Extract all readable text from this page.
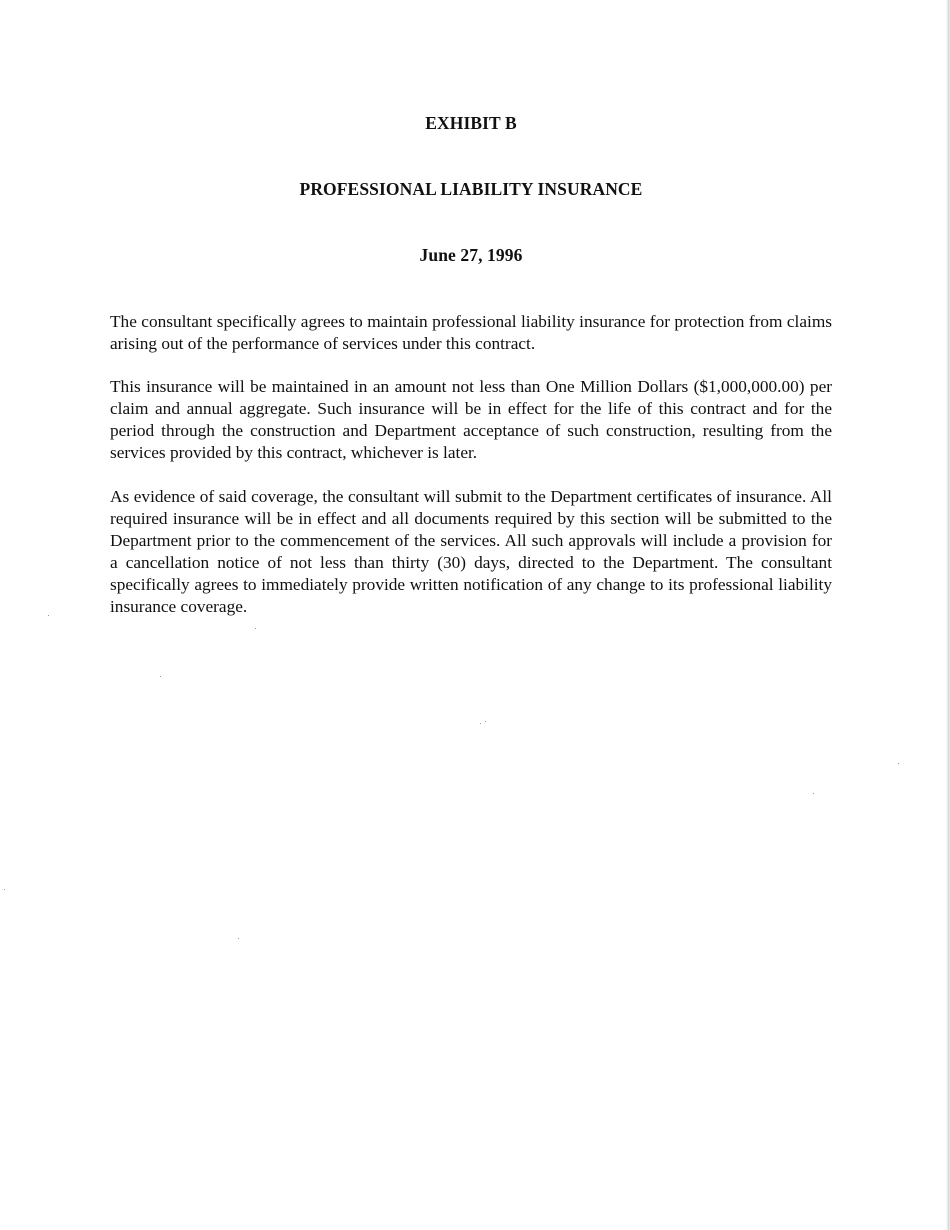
EXHIBIT B
PROFESSIONAL LIABILITY INSURANCE
June 27, 1996

The consultant specifically agrees to maintain professional liability insurance for protection from claims arising out of the performance of services under this contract.

This insurance will be maintained in an amount not less than One Million Dollars ($1,000,000.00) per claim and annual aggregate. Such insurance will be in effect for the life of this contract and for the period through the construction and Department acceptance of such construction, resulting from the services provided by this contract, whichever is later.

As evidence of said coverage, the consultant will submit to the Department certificates of insurance. All required insurance will be in effect and all documents required by this section will be submitted to the Department prior to the commencement of the services. All such approvals will include a provision for a cancellation notice of not less than thirty (30) days, directed to the Department. The consultant specifically agrees to immediately provide written notification of any change to its professional liability insurance coverage.
